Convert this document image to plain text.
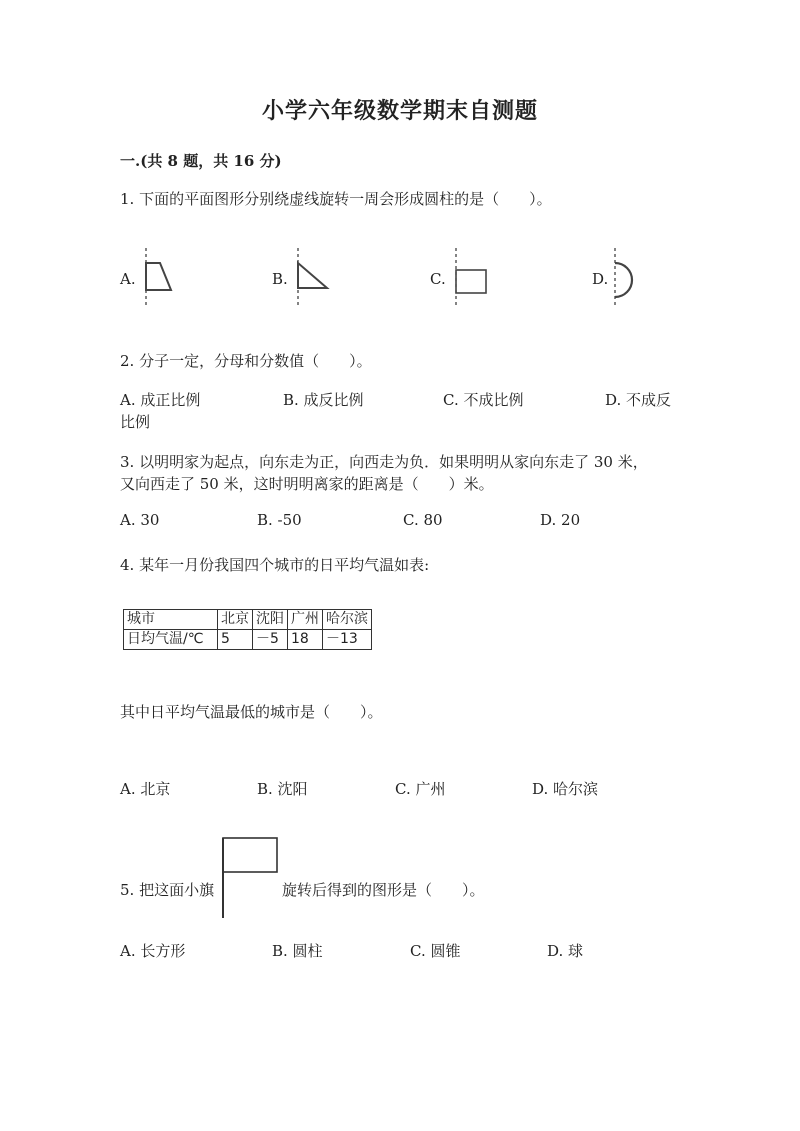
小学六年级数学期末自测题
一.(共 8 题，共 16 分)
1. 下面的平面图形分别绕虚线旋转一周会形成圆柱的是（　　）。
A.	B.	C.	D.
2. 分子一定，分母和分数值（　　）。
A. 成正比例	B. 成反比例	C. 不成比例	D. 不成反
比例
3. 以明明家为起点，向东走为正，向西走为负．如果明明从家向东走了 30 米，
又向西走了 50 米，这时明明离家的距离是（　　）米。
A. 30	B. -50	C. 80	D. 20
4. 某年一月份我国四个城市的日平均气温如表:
城市	北京	沈阳	广州	哈尔滨
日均气温/℃	5	－5	18	－13
其中日平均气温最低的城市是（　　）。
A. 北京	B. 沈阳	C. 广州	D. 哈尔滨
5. 把这面小旗	旋转后得到的图形是（　　）。
A. 长方形	B. 圆柱	C. 圆锥	D. 球
